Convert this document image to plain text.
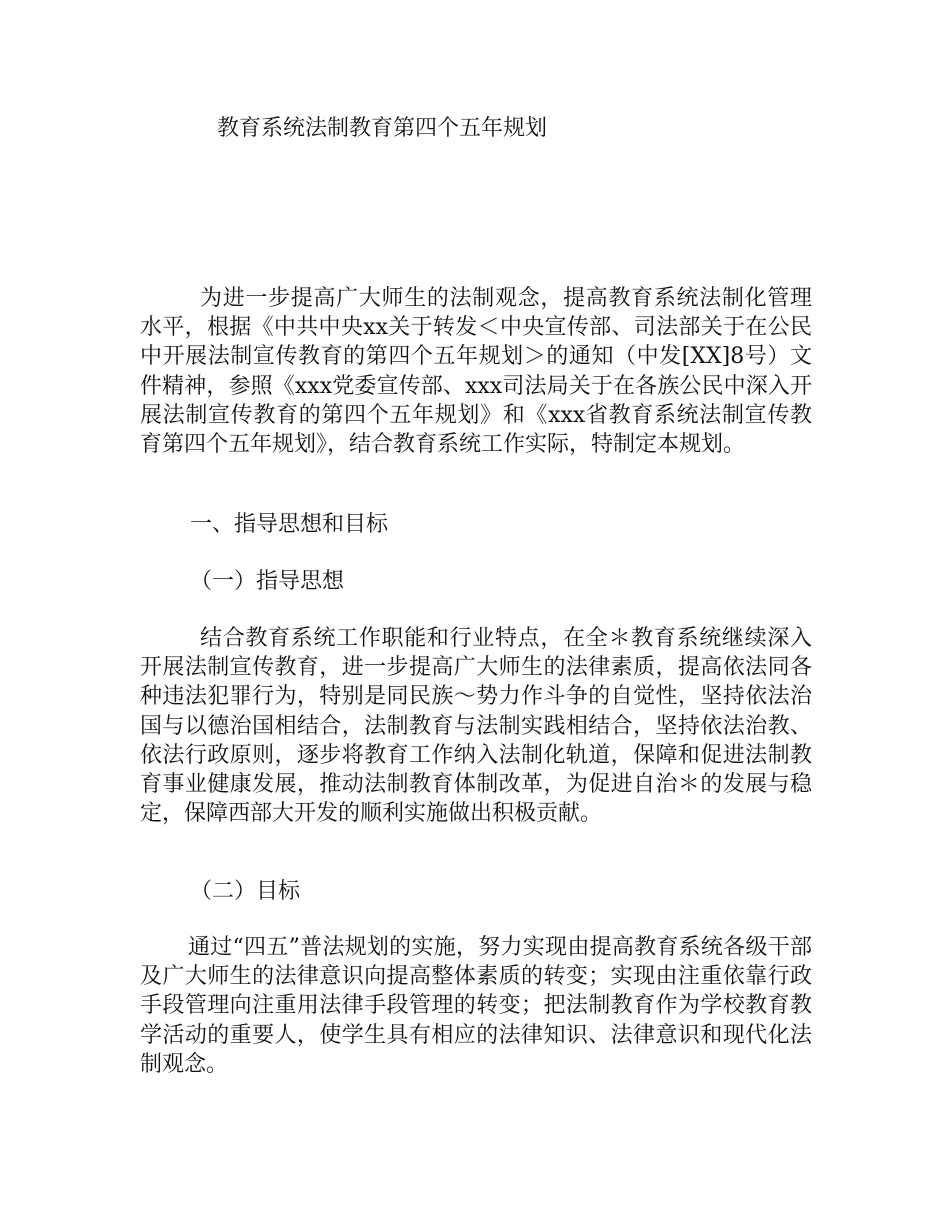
教育系统法制教育第四个五年规划

为进一步提高广大师生的法制观念，提高教育系统法制化管理水平，根据《中共中央xx关于转发＜中央宣传部、司法部关于在公民中开展法制宣传教育的第四个五年规划＞的通知（中发[XX]8号）文件精神，参照《xxx党委宣传部、xxx司法局关于在各族公民中深入开展法制宣传教育的第四个五年规划》和《xxx省教育系统法制宣传教育第四个五年规划》，结合教育系统工作实际，特制定本规划。

一、指导思想和目标
（一）指导思想

结合教育系统工作职能和行业特点，在全＊教育系统继续深入开展法制宣传教育，进一步提高广大师生的法律素质，提高依法同各种违法犯罪行为，特别是同民族～势力作斗争的自觉性，坚持依法治国与以德治国相结合，法制教育与法制实践相结合，坚持依法治教、依法行政原则，逐步将教育工作纳入法制化轨道，保障和促进法制教育事业健康发展，推动法制教育体制改革，为促进自治＊的发展与稳定，保障西部大开发的顺利实施做出积极贡献。

（二）目标

通过“四五”普法规划的实施，努力实现由提高教育系统各级干部及广大师生的法律意识向提高整体素质的转变；实现由注重依靠行政手段管理向注重用法律手段管理的转变；把法制教育作为学校教育教学活动的重要人，使学生具有相应的法律知识、法律意识和现代化法制观念。
